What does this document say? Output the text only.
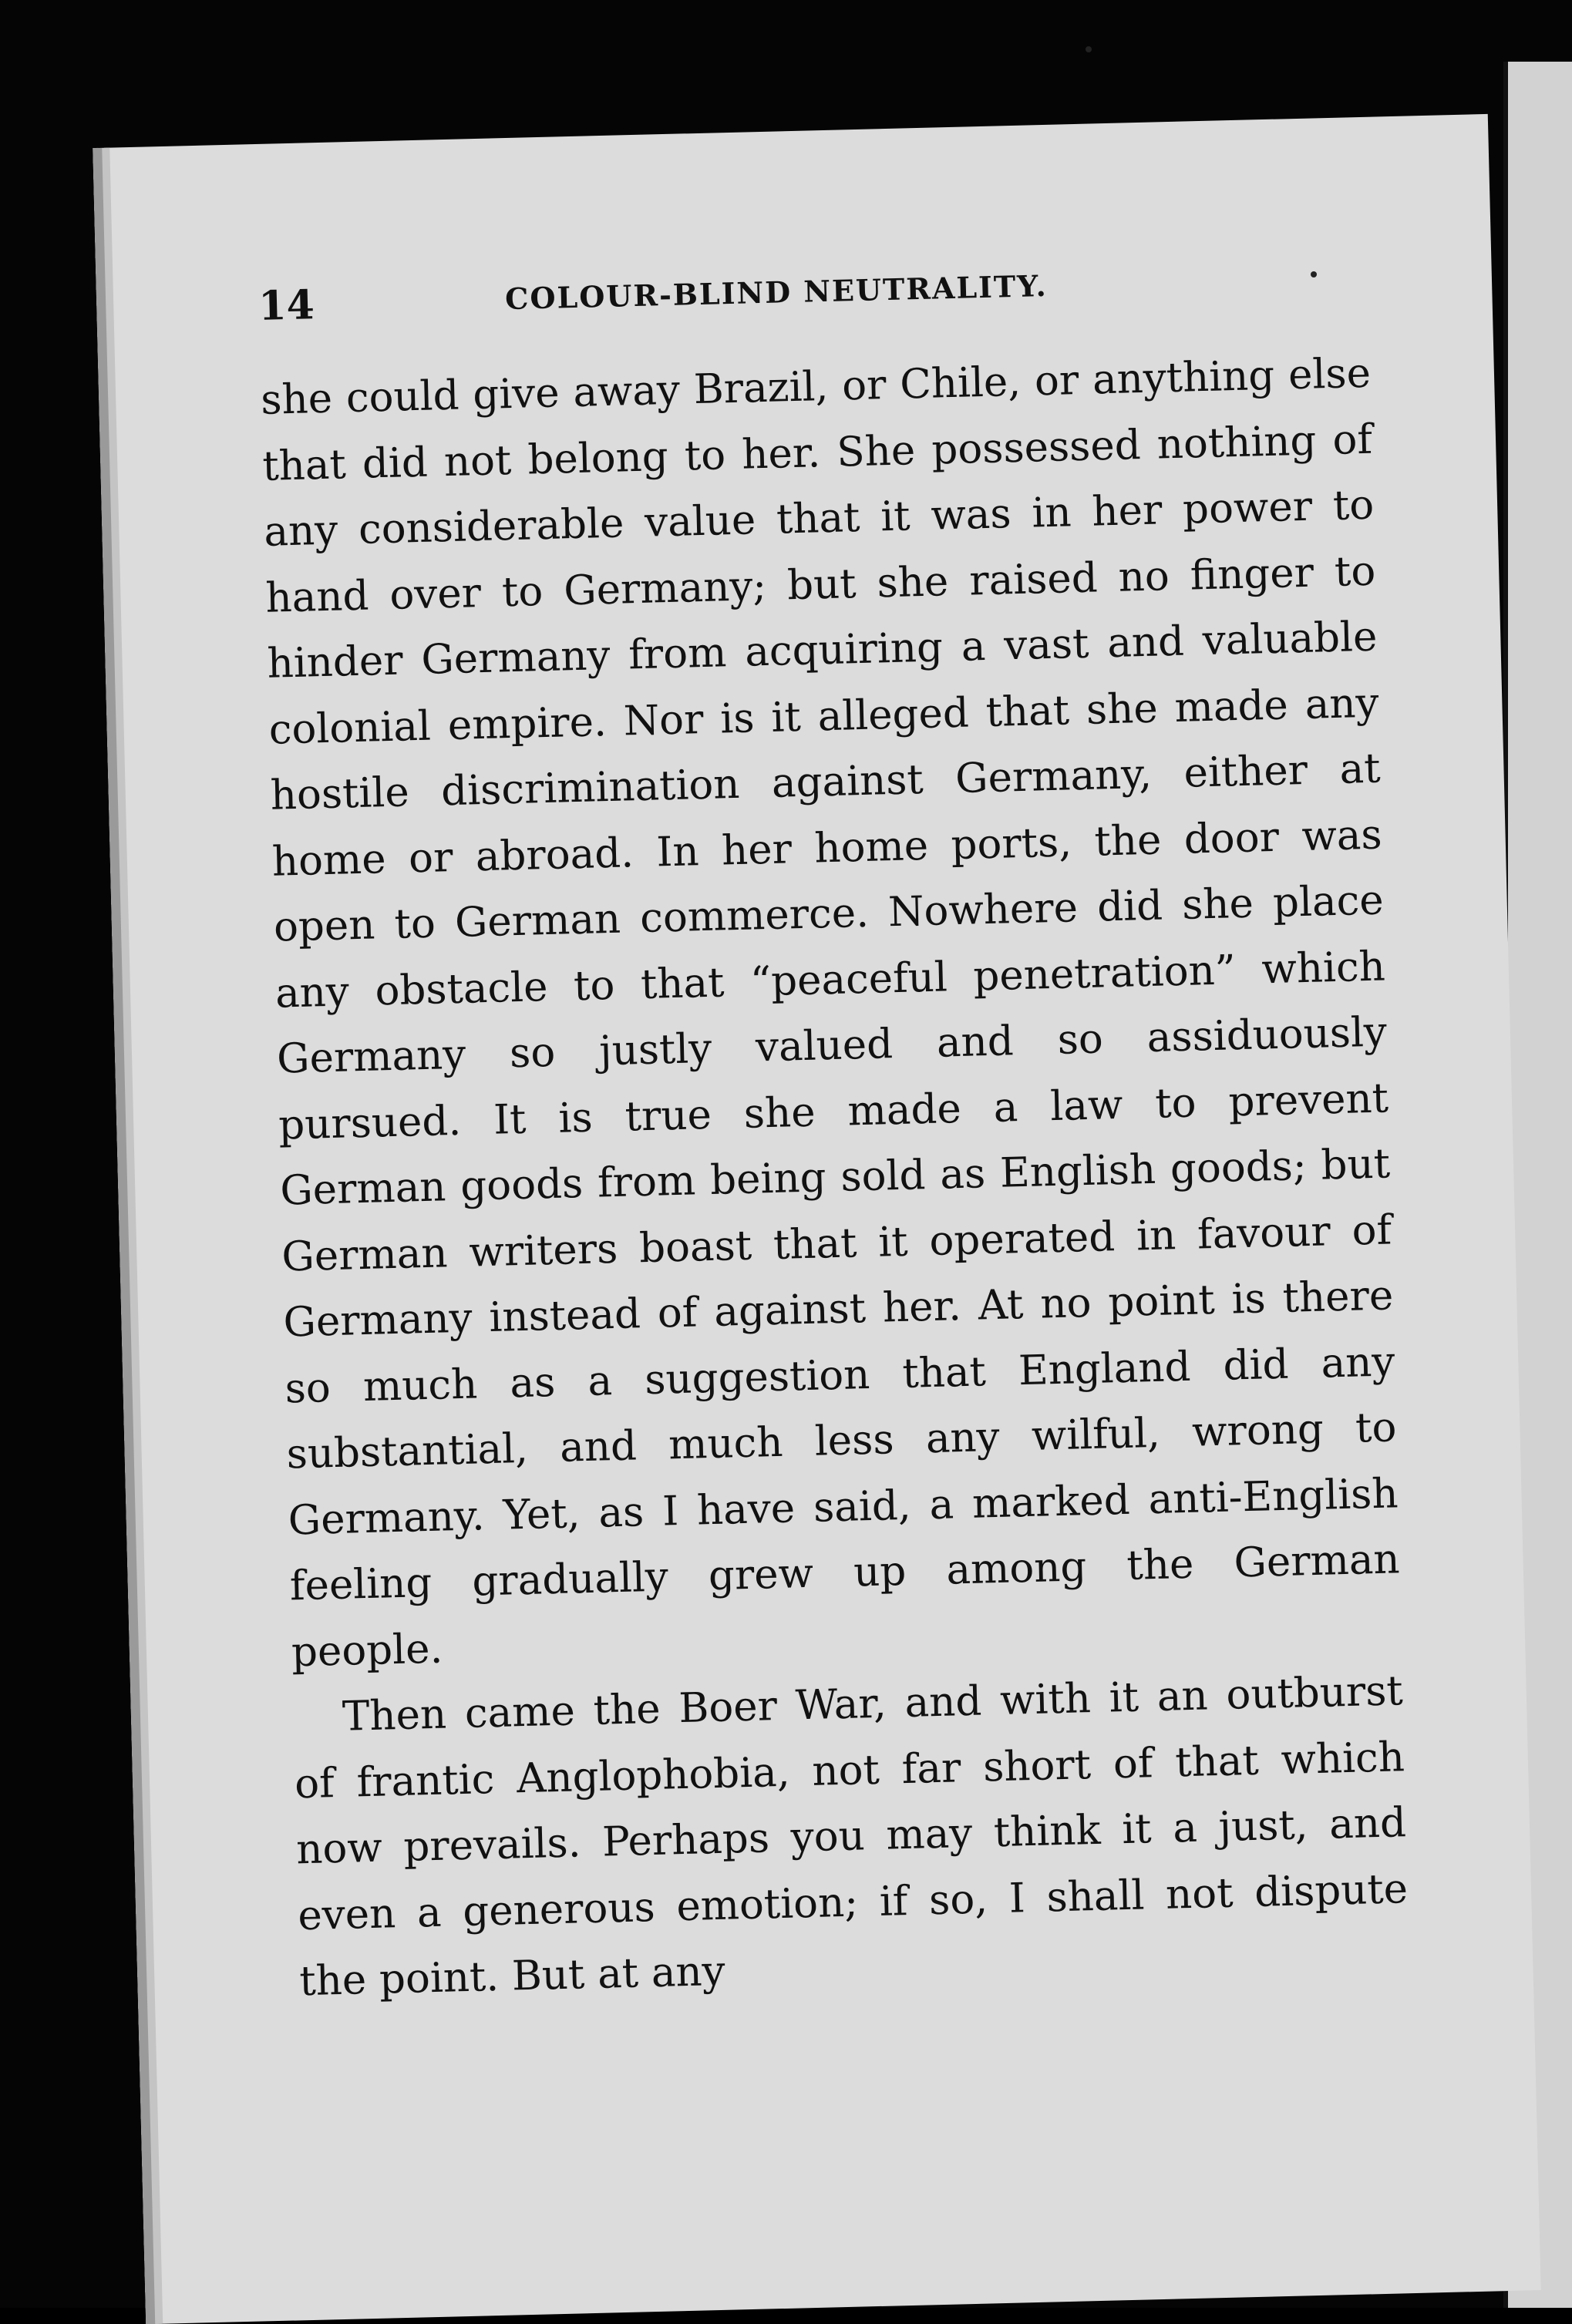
14	COLOUR-BLIND NEUTRALITY.

she could give away Brazil, or Chile, or anything else that did not belong to her. She possessed nothing of any considerable value that it was in her power to hand over to Germany; but she raised no finger to hinder Germany from acquiring a vast and valuable colonial empire. Nor is it alleged that she made any hostile discrimination against Germany, either at home or abroad. In her home ports, the door was open to German commerce. Nowhere did she place any obstacle to that “peaceful penetration” which Germany so justly valued and so assiduously pursued. It is true she made a law to prevent German goods from being sold as English goods; but German writers boast that it operated in favour of Germany instead of against her. At no point is there so much as a suggestion that England did any substantial, and much less any wilful, wrong to Germany. Yet, as I have said, a marked anti-English feeling gradually grew up among the German people.

Then came the Boer War, and with it an outburst of frantic Anglophobia, not far short of that which now prevails. Perhaps you may think it a just, and even a generous emotion; if so, I shall not dispute the point. But at any
